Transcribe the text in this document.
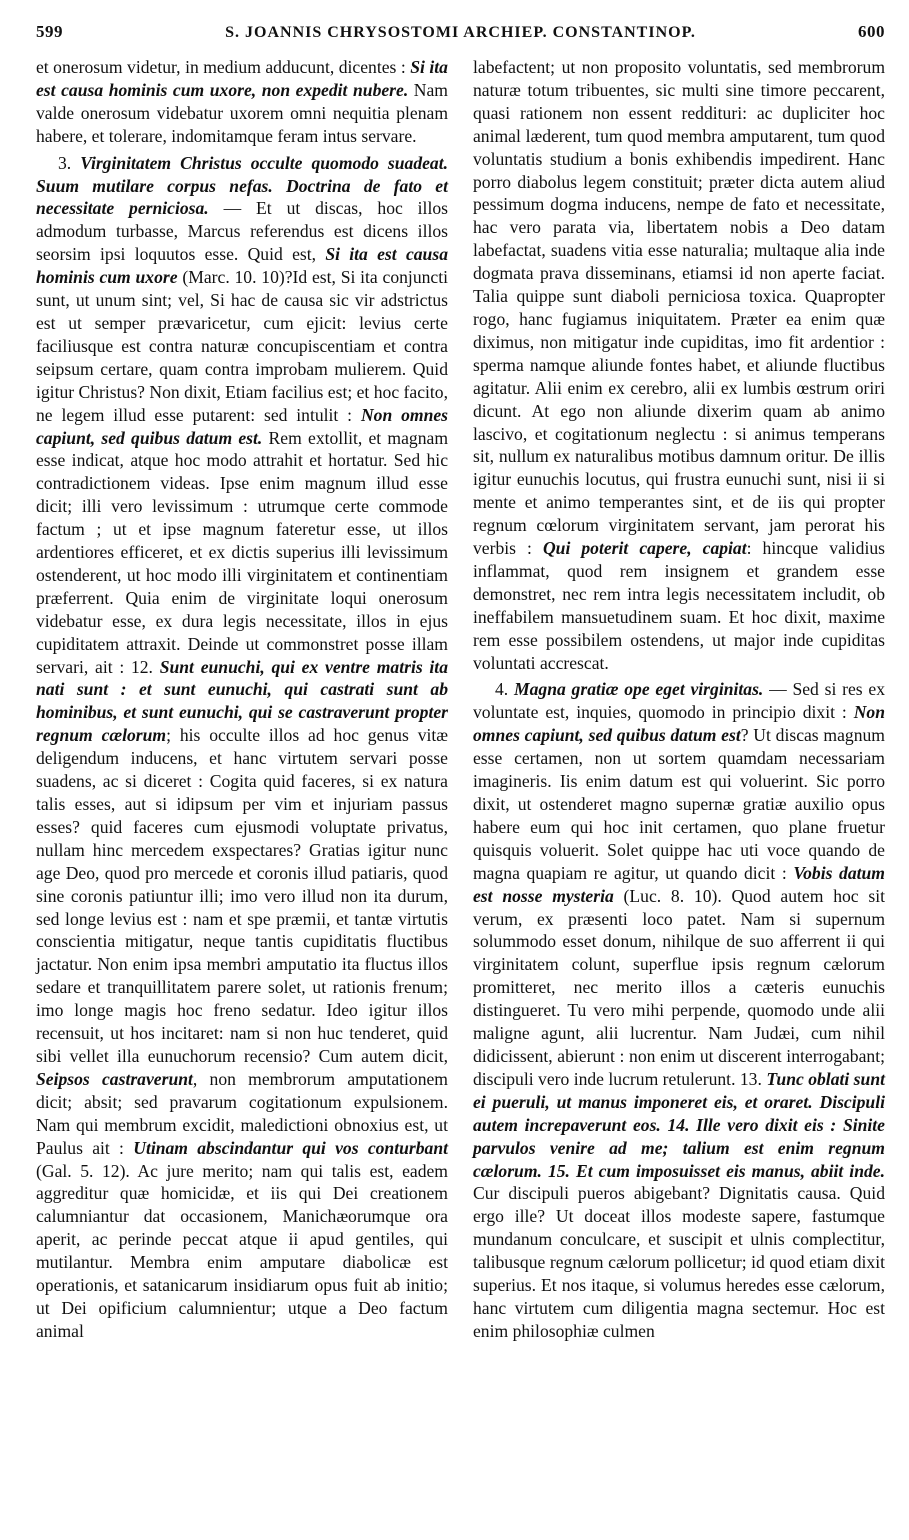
599	S. JOANNIS CHRYSOSTOMI ARCHIEP. CONSTANTINOP.	600

et onerosum videtur, in medium adducunt, dicentes : Si ita est causa hominis cum uxore, non expedit nubere. Nam valde onerosum videbatur uxorem omni nequitia plenam habere, et tolerare, indomitamque feram intus servare.

3. Virginitatem Christus occulte quomodo suadeat. Suum mutilare corpus nefas. Doctrina de fato et necessitate perniciosa. — Et ut discas, hoc illos admodum turbasse, Marcus referendus est dicens illos seorsim ipsi loquutos esse. Quid est, Si ita est causa hominis cum uxore (Marc. 10. 10)?Id est, Si ita conjuncti sunt, ut unum sint; vel, Si hac de causa sic vir adstrictus est ut semper prævaricetur, cum ejicit: levius certe faciliusque est contra naturæ concupiscentiam et contra seipsum certare, quam contra improbam mulierem. Quid igitur Christus? Non dixit, Etiam facilius est; et hoc facito, ne legem illud esse putarent: sed intulit : Non omnes capiunt, sed quibus datum est. Rem extollit, et magnam esse indicat, atque hoc modo attrahit et hortatur. Sed hic contradictionem videas. Ipse enim magnum illud esse dicit; illi vero levissimum : utrumque certe commode factum ; ut et ipse magnum fateretur esse, ut illos ardentiores efficeret, et ex dictis superius illi levissimum ostenderent, ut hoc modo illi virginitatem et continentiam præferrent. Quia enim de virginitate loqui onerosum videbatur esse, ex dura legis necessitate, illos in ejus cupiditatem attraxit. Deinde ut commonstret posse illam servari, ait : 12. Sunt eunuchi, qui ex ventre matris ita nati sunt : et sunt eunuchi, qui castrati sunt ab hominibus, et sunt eunuchi, qui se castraverunt propter regnum cælorum; his occulte illos ad hoc genus vitæ deligendum inducens, et hanc virtutem servari posse suadens, ac si diceret : Cogita quid faceres, si ex natura talis esses, aut si idipsum per vim et injuriam passus esses? quid faceres cum ejusmodi voluptate privatus, nullam hinc mercedem exspectares? Gratias igitur nunc age Deo, quod pro mercede et coronis illud patiaris, quod sine coronis patiuntur illi; imo vero illud non ita durum, sed longe levius est : nam et spe præmii, et tantæ virtutis conscientia mitigatur, neque tantis cupiditatis fluctibus jactatur. Non enim ipsa membri amputatio ita fluctus illos sedare et tranquillitatem parere solet, ut rationis frenum; imo longe magis hoc freno sedatur. Ideo igitur illos recensuit, ut hos incitaret: nam si non huc tenderet, quid sibi vellet illa eunuchorum recensio? Cum autem dicit, Seipsos castraverunt, non membrorum amputationem dicit; absit; sed pravarum cogitationum expulsionem. Nam qui membrum excidit, maledictioni obnoxius est, ut Paulus ait : Utinam abscindantur qui vos conturbant (Gal. 5. 12). Ac jure merito; nam qui talis est, eadem aggreditur quæ homicidæ, et iis qui Dei creationem calumniantur dat occasionem, Manichæorumque ora aperit, ac perinde peccat atque ii apud gentiles, qui mutilantur. Membra enim amputare diabolicæ est operationis, et satanicarum insidiarum opus fuit ab initio; ut Dei opificium calumnientur; utque a Deo factum animal

labefactent; ut non proposito voluntatis, sed membrorum naturæ totum tribuentes, sic multi sine timore peccarent, quasi rationem non essent reddituri: ac dupliciter hoc animal læderent, tum quod membra amputarent, tum quod voluntatis studium a bonis exhibendis impedirent. Hanc porro diabolus legem constituit; præter dicta autem aliud pessimum dogma inducens, nempe de fato et necessitate, hac vero parata via, libertatem nobis a Deo datam labefactat, suadens vitia esse naturalia; multaque alia inde dogmata prava disseminans, etiamsi id non aperte faciat. Talia quippe sunt diaboli perniciosa toxica. Quapropter rogo, hanc fugiamus iniquitatem. Præter ea enim quæ diximus, non mitigatur inde cupiditas, imo fit ardentior : sperma namque aliunde fontes habet, et aliunde fluctibus agitatur. Alii enim ex cerebro, alii ex lumbis œstrum oriri dicunt. At ego non aliunde dixerim quam ab animo lascivo, et cogitationum neglectu : si animus temperans sit, nullum ex naturalibus motibus damnum oritur. De illis igitur eunuchis locutus, qui frustra eunuchi sunt, nisi ii si mente et animo temperantes sint, et de iis qui propter regnum cœlorum virginitatem servant, jam perorat his verbis : Qui poterit capere, capiat: hincque validius inflammat, quod rem insignem et grandem esse demonstret, nec rem intra legis necessitatem includit, ob ineffabilem mansuetudinem suam. Et hoc dixit, maxime rem esse possibilem ostendens, ut major inde cupiditas voluntati accrescat.

4. Magna gratiæ ope eget virginitas. — Sed si res ex voluntate est, inquies, quomodo in principio dixit : Non omnes capiunt, sed quibus datum est? Ut discas magnum esse certamen, non ut sortem quamdam necessariam imagineris. Iis enim datum est qui voluerint. Sic porro dixit, ut ostenderet magno supernæ gratiæ auxilio opus habere eum qui hoc init certamen, quo plane fruetur quisquis voluerit. Solet quippe hac uti voce quando de magna quapiam re agitur, ut quando dicit : Vobis datum est nosse mysteria (Luc. 8. 10). Quod autem hoc sit verum, ex præsenti loco patet. Nam si supernum solummodo esset donum, nihilque de suo afferrent ii qui virginitatem colunt, superflue ipsis regnum cælorum promitteret, nec merito illos a cæteris eunuchis distingueret. Tu vero mihi perpende, quomodo unde alii maligne agunt, alii lucrentur. Nam Judæi, cum nihil didicissent, abierunt : non enim ut discerent interrogabant; discipuli vero inde lucrum retulerunt. 13. Tunc oblati sunt ei pueruli, ut manus imponeret eis, et oraret. Discipuli autem increpaverunt eos. 14. Ille vero dixit eis : Sinite parvulos venire ad me; talium est enim regnum cælorum. 15. Et cum imposuisset eis manus, abiit inde. Cur discipuli pueros abigebant? Dignitatis causa. Quid ergo ille? Ut doceat illos modeste sapere, fastumque mundanum conculcare, et suscipit et ulnis complectitur, talibusque regnum cælorum pollicetur; id quod etiam dixit superius. Et nos itaque, si volumus heredes esse cælorum, hanc virtutem cum diligentia magna sectemur. Hoc est enim philosophiæ culmen
